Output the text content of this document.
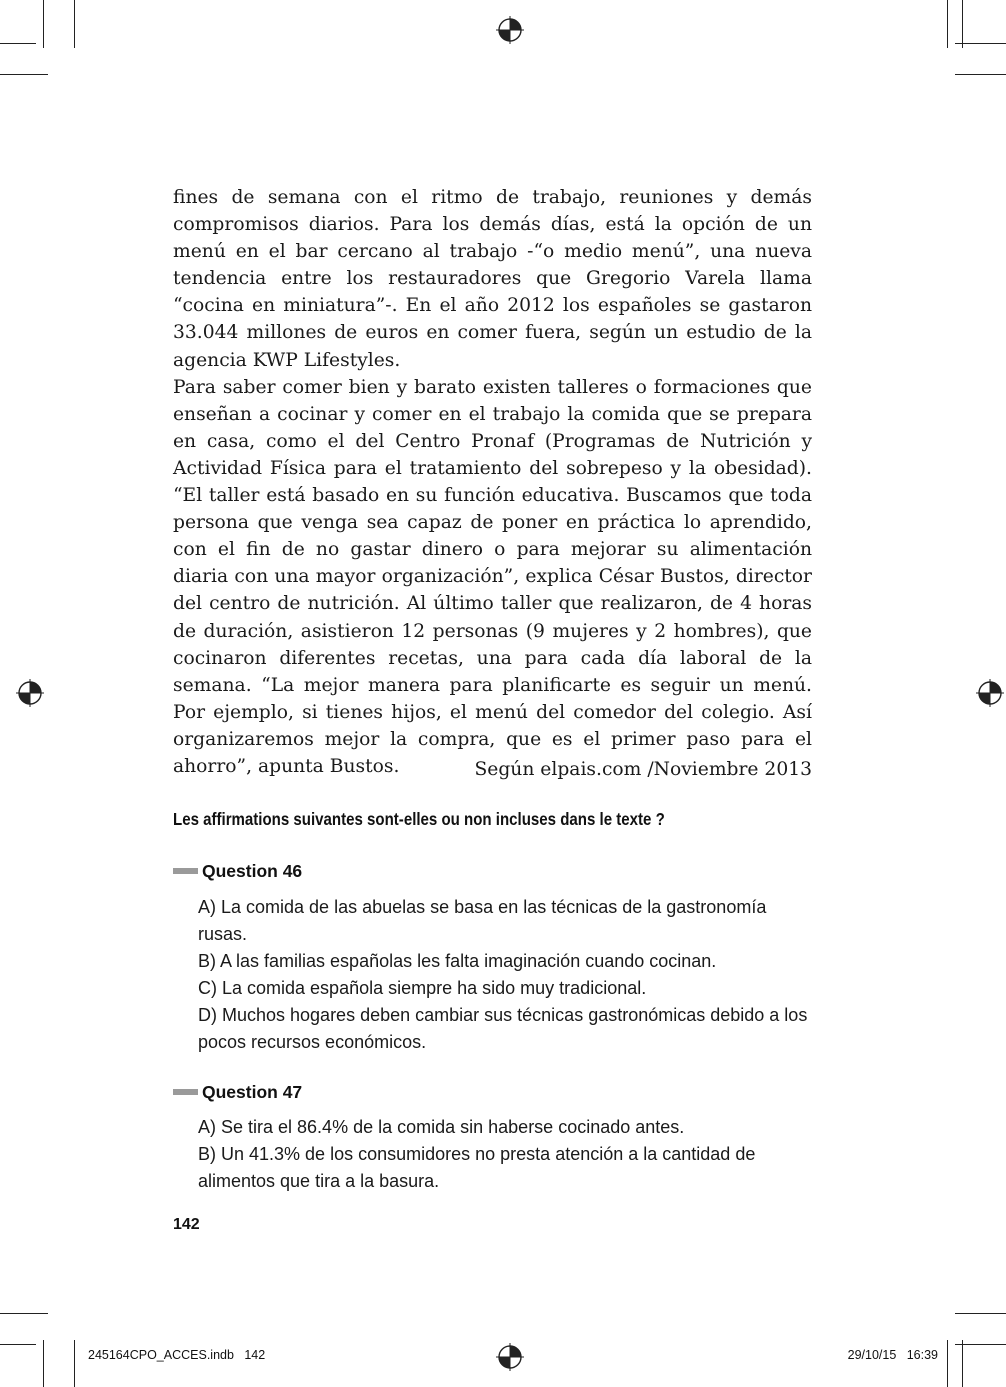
fines de semana con el ritmo de trabajo, reuniones y demás compromisos diarios. Para los demás días, está la opción de un menú en el bar cercano al trabajo -“o medio menú”, una nueva tendencia entre los restauradores que Gregorio Varela llama “cocina en miniatura”-. En el año 2012 los españoles se gastaron 33.044 millones de euros en comer fuera, según un estudio de la agencia KWP Lifestyles.

Para saber comer bien y barato existen talleres o formaciones que enseñan a cocinar y comer en el trabajo la comida que se prepara en casa, como el del Centro Pronaf (Programas de Nutrición y Actividad Física para el tratamiento del sobrepeso y la obesidad). “El taller está basado en su función educativa. Buscamos que toda persona que venga sea capaz de poner en práctica lo aprendido, con el fin de no gastar dinero o para mejorar su alimentación diaria con una mayor organización”, explica César Bustos, director del centro de nutrición. Al último taller que realizaron, de 4 horas de duración, asistieron 12 personas (9 mujeres y 2 hombres), que cocinaron diferentes recetas, una para cada día laboral de la semana. “La mejor manera para planificarte es seguir un menú. Por ejemplo, si tienes hijos, el menú del comedor del colegio. Así organizaremos mejor la compra, que es el primer paso para el ahorro”, apunta Bustos.	Según elpais.com /Noviembre 2013
Les affirmations suivantes sont-elles ou non incluses dans le texte ?
Question 46
A) La comida de las abuelas se basa en las técnicas de la gastronomía rusas.
B) A las familias españolas les falta imaginación cuando cocinan.
C) La comida española siempre ha sido muy tradicional.
D) Muchos hogares deben cambiar sus técnicas gastronómicas debido a los pocos recursos económicos.
Question 47
A) Se tira el 86.4% de la comida sin haberse cocinado antes.
B) Un 41.3% de los consumidores no presta atención a la cantidad de alimentos que tira a la basura.
142
245164CPO_ACCES.indb   142	29/10/15   16:39
